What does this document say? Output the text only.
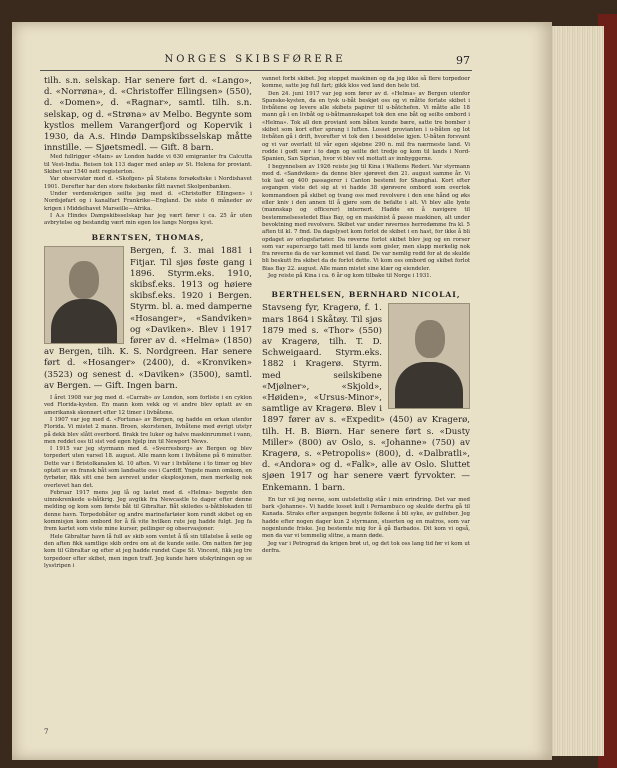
NORGES SKIBSFØRERE	97

tilh. s.n. selskap. Har senere ført d. «Lango», d. «Norrøna», d. «Christoffer Ellingsen» (550), d. «Domen», d. «Ragnar», samtl. tilh. s.n. selskap, og d. «Strøna» av Melbo. Begynte som kystlos mellem Varangerfjord og Kopervik i 1930, da A.s. Hindø Dampskibsselskap måtte innstille. — Sjøetsmedl. — Gift. 8 barn.

Med fullrigger «Main» av London hadde vi 630 emigranter fra Calcutta til Vest-India. Reisen tok 113 dager med anløp av St. Helena for proviant. Skibet var 1540 nett registerton.

Var observatør med d. «Skofgen» på Statens forsøksfiske i Nordishavet 1901. Derefter har den store fiskebanke fått navnet Skolpenbanken.

Under verdenskrigen seilte jeg med d. «Christoffer Ellingsen» i Nordsjøfart og i kanalfart Frankrike—England. De siste 6 måneder av krigen i Middelhavet Marseille—Afrika.

I A.s Hindes Dampskibsselskap har jeg vært fører i ca. 25 år uten avbrytelse og bestandig vært min egen los langs Norges kyst.

BERNTSEN, THOMAS,

Bergen, f. 3. mai 1881 i Fitjar. Til sjøs føste gang i 1896. Styrm.eks. 1910, skibsf.eks. 1913 og høiere skibsf.eks. 1920 i Bergen. Styrm. bl. a. med damperne «Hosanger», «Sandviken» og «Daviken». Blev i 1917 fører av d. «Helma» (1850) av Bergen, tilh. K. S. Nordgreen. Har senere ført d. «Hosanger» (2400), d. «Kronviken» (3523) og senest d. «Daviken» (3500), samtl. av Bergen. — Gift. Ingen barn.

I året 1908 var jeg med d. «Carrab» av London, som forliste i en cyklon ved Florida-kysten. En mann kom vekk og vi andre blev optatt av en amerikansk skonnert efter 12 timer i livbåtene.

I 1907 var jeg med d. «Fortuna» av Bergen, og hadde en orkan utenfor Florida. Vi mistet 2 mann. Broen, skorstenen, livbåtene med øvrigt utstyr på dekk blev slått overbord. Brakk tre luker og halve maskinrummet i vann, men reddet oss til sist ved egen hjelp inn til Newport News.

I 1915 var jeg styrmann med d. «Sverresborg» av Bergen og blev torpedert uten varsel 18. august. Alle mann kom i livbåtene på 6 minutter. Dette var i Bristolkanalen kl. 10 aften. Vi var i livbåtene i to timer og blev optatt av en fransk båt som landsatte oss i Cardiff. Yngste mann omkom, en fyrbøter, fikk sitt ene ben avrevet under eksplosjonen, men merkelig nok overlevet han det.

Februar 1917 mens jeg lå og lastet med d. «Helma» begynte den uinnskrenkede u-båtkrig. Jeg avgikk fra Newcastle to dager efter denne melding og kom som første båt til Gibraltar. Båt skiledes u-båtblokaden til denne havn. Torpedobåter og andre marinefartøier kom rundt skibet og en kommisjon kom ombord for å få vite hvilken rute jeg hadde fulgt. Jeg fa frem kartet som viste mine kurser, peilinger og observasjoner.

Hele Gibraltar havn lå full av skib som ventet å få sin tillatelse å seile og den aften fikk samtlige skib ordre om at de kunde seile. Om natten før jeg kom til Gibraltar og efter at jeg hadde rundet Cape St. Vincent, fikk jeg tre torpedoer efter skibet, men ingen traff. Jeg kunde høre utskytningen og se lysstripen i

vannet forbi skibet. Jeg stoppet maskinen og da jeg ikke så flere torpedoer komme, satte jeg full fart; gikk klos ved land den hele tid.

Den 24. juni 1917 var jeg som fører av d. «Helma» av Bergen utenfor Spanske-kysten, da en tysk u-båt beskjøt oss og vi måtte forlate skibet i livbåtene og levere alle skibets papirer til u-båtchefen. Vi måtte alle 18 mann gå i en livbåt og u-båtmannskapet tok den ene båt og seilte ombord i «Helma». Tok all den proviant som båten kunde bære, satte tre bomber i skibet som kort efter sprang i luften. Losset provianten i u-båten og lot livbåten gå i drift, hvorefter vi tok den i besiddelse igjen. U-båten forsvant og vi var overlatt til vår egen skjebne 290 n. mil fra nærmeste land. Vi rodde i godt vær i to døgn og seilte det tredje og kom til lands i Nord-Spanien, San Siprian, hvor vi blev vel mottatt av innbyggerne.

I begynnelsen av 1926 reiste jeg til Kina i Wallems Rederi. Var styrmann med d. «Sandviken» da denne blev sjørøvet den 21. august samme år. Vi tok last og 400 passagerer i Canton bestemt for Shanghai. Kort efter avgangen viste det sig at vi hadde 38 sjørøvere ombord som overtok kommandoen på skibet og tvang oss med revolvere i den ene hånd og øks eller kniv i den annen til å gjøre som de befalte i alt. Vi blev alle lynte (mannskap og officerer) internert. Hadde en å navigere til bestemmelsesstedet Bias Bay, og en maskinist å passe maskinen, alt under bevoktning med revolvere. Skibet var under røvernes herredømme fra kl. 5 aften til kl. 7 fmd. Da dagslyset kom forlot de skibet i en hast, for ikke å bli opdaget av orlogsfartøier. Da røverne forlot skibet blev jeg og en rorser som var supercargo tatt med til lands som gisler, men slapp merkelig nok fra røverne da de var kommet vel iland. De var nemlig redd for at de skulde bli beskutt fra skibet da de forlot dette. Vi kom oss ombord og skibet forlot Bias Bay 22. august. Alle mann mistet sine klær og eiendeler.

Jeg reiste på Kina i ca. 6 år og kom tilbake til Norge i 1931.

BERTHELSEN, BERNHARD NICOLAI,

Stavseng fyr, Kragerø, f. 1. mars 1864 i Skåtøy. Til sjøs 1879 med s. «Thor» (550) av Kragerø, tilh. T. D. Schweigaard. Styrm.eks. 1882 i Kragerø. Styrm. med seilskibene «Mjølner», «Skjold», «Høiden», «Ursus-Minor», samtlige av Kragerø. Blev i 1897 fører av s. «Expedit» (450) av Kragerø, tilh. H. B. Biørn. Har senere ført s. «Dusty Miller» (800) av Oslo, s. «Johanne» (750) av Kragerø, s. «Petropolis» (800), d. «Dalbratli», d. «Andora» og d. «Falk», alle av Oslo. Sluttet sjøen 1917 og har senere vært fyrvokter. — Enkemann. 1 barn.

En tur vil jeg nevne, som uutslettelig står i min erindring. Det var med bark «Johanne». Vi hadde losset kull i Pernambuco og skulde derfra gå til Kanada. Straks efter avgangen begynte folkene å bli syke, av gulfeber. Jeg hadde efter nogen dager kun 2 styrmann, stuerten og en matros, som var nogenlunde friske. Jeg bestemte mig for å gå Barbados. Dit kom vi også, men da var vi temmelig slitne, a mann døde.

Jeg var i Petrograd da krigen brøt ut, og det tok oss lang tid før vi kom ut derfra.

7
